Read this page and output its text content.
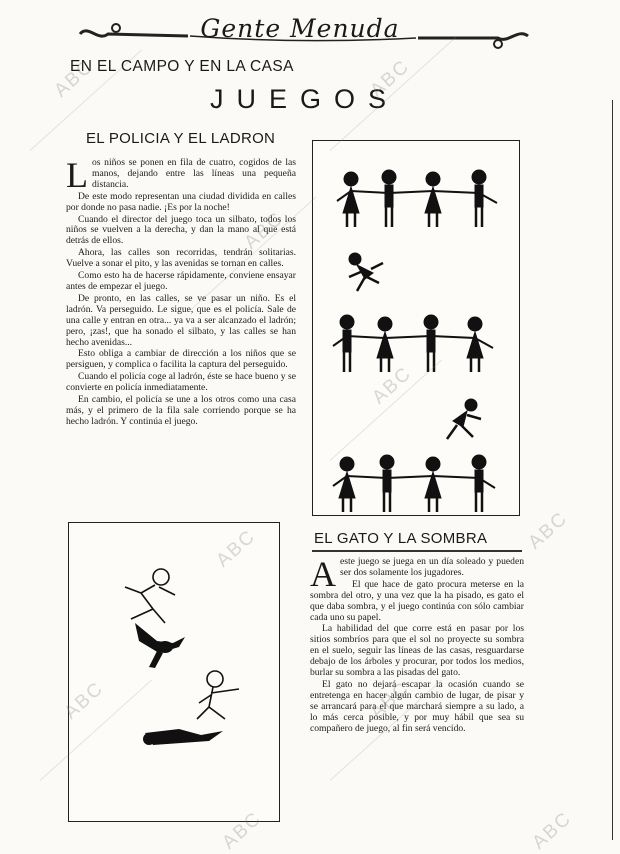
Gente Menuda
EN EL CAMPO Y EN LA CASA
JUEGOS
EL POLICIA Y EL LADRON

Los niños se ponen en fila de cuatro, cogidos de las manos, dejando entre las líneas una pequeña distancia.

De este modo representan una ciudad dividida en calles por donde no pasa nadie. ¡Es por la noche!

Cuando el director del juego toca un silbato, todos los niños se vuelven a la derecha, y dan la mano al que está detrás de ellos.

Ahora, las calles son recorridas, tendrán solitarias. Vuelve a sonar el pito, y las avenidas se tornan en calles.

Como esto ha de hacerse rápidamente, conviene ensayar antes de empezar el juego.

De pronto, en las calles, se ve pasar un niño. Es el ladrón. Va perseguido. Le sigue, que es el policía. Sale de una calle y entran en otra... ya va a ser alcanzado el ladrón; pero, ¡zas!, que ha sonado el silbato, y las calles se han hecho avenidas...

Esto obliga a cambiar de dirección a los niños que se persiguen, y complica o facilita la captura del perseguido.

Cuando el policía coge al ladrón, éste se hace bueno y se convierte en policía inmediatamente.

En cambio, el policía se une a los otros como una casa más, y el primero de la fila sale corriendo porque se ha hecho ladrón. Y continúa el juego.

EL GATO Y LA SOMBRA

Aeste juego se juega en un día soleado y pueden ser dos solamente los jugadores.

El que hace de gato procura meterse en la sombra del otro, y una vez que la ha pisado, es gato el que daba sombra, y el juego continúa con sólo cambiar cada uno su papel.

La habilidad del que corre está en pasar por los sitios sombríos para que el sol no proyecte su sombra en el suelo, seguir las líneas de las casas, resguardarse debajo de los árboles y procurar, por todos los medios, burlar su sombra a las pisadas del gato.

El gato no dejará escapar la ocasión cuando se entretenga en hacer algún cambio de lugar, de pisar y se arrancará para el que marchará siempre a su lado, a lo más cerca posible, y por muy hábil que sea su compañero de juego, al fin será vencido.

ABC	ABC
ABC
ABC
ABC	ABC
ABC	ABC
ABC	ABC
